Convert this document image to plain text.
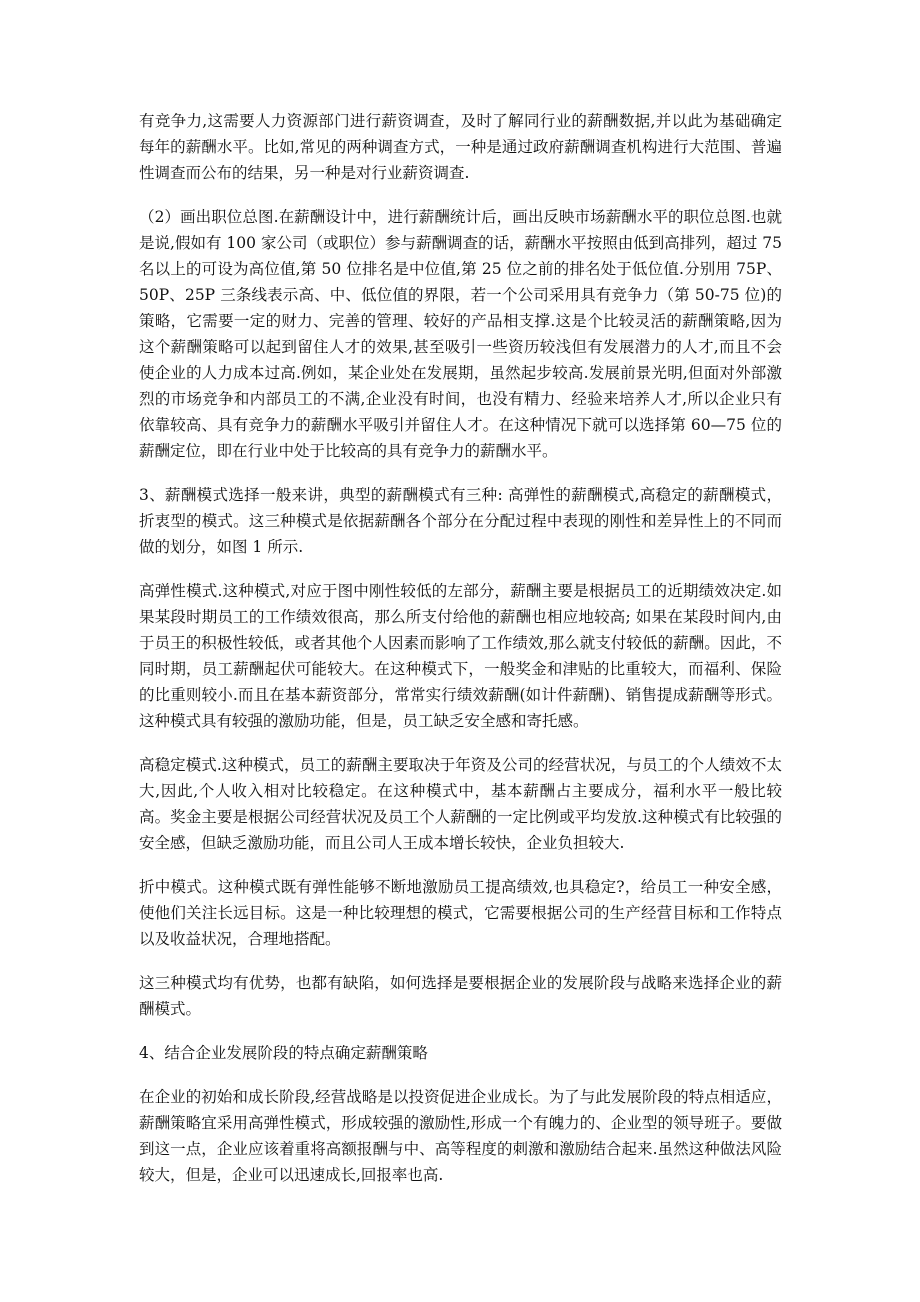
有竞争力,这需要人力资源部门进行薪资调查，及时了解同行业的薪酬数据,并以此为基础确定每年的薪酬水平。比如,常见的两种调查方式，一种是通过政府薪酬调查机构进行大范围、普遍性调查而公布的结果，另一种是对行业薪资调查.

（2）画出职位总图.在薪酬设计中，进行薪酬统计后，画出反映市场薪酬水平的职位总图.也就是说,假如有 100 家公司（或职位）参与薪酬调查的话，薪酬水平按照由低到高排列，超过 75 名以上的可设为高位值,第 50 位排名是中位值,第 25 位之前的排名处于低位值.分别用 75P、50P、25P 三条线表示高、中、低位值的界限，若一个公司采用具有竞争力（第 50-75 位)的策略，它需要一定的财力、完善的管理、较好的产品相支撑.这是个比较灵活的薪酬策略,因为这个薪酬策略可以起到留住人才的效果,甚至吸引一些资历较浅但有发展潜力的人才,而且不会使企业的人力成本过高.例如，某企业处在发展期，虽然起步较高.发展前景光明,但面对外部激烈的市场竞争和内部员工的不满,企业没有时间，也没有精力、经验来培养人才,所以企业只有依靠较高、具有竞争力的薪酬水平吸引并留住人才。在这种情况下就可以选择第 60—75 位的薪酬定位，即在行业中处于比较高的具有竞争力的薪酬水平。

3、薪酬模式选择一般来讲，典型的薪酬模式有三种: 高弹性的薪酬模式,高稳定的薪酬模式，折衷型的模式。这三种模式是依据薪酬各个部分在分配过程中表现的刚性和差异性上的不同而做的划分，如图 1 所示.

高弹性模式.这种模式,对应于图中刚性较低的左部分，薪酬主要是根据员工的近期绩效决定.如果某段时期员工的工作绩效很高，那么所支付给他的薪酬也相应地较高; 如果在某段时间内,由于员王的积极性较低，或者其他个人因素而影响了工作绩效,那么就支付较低的薪酬。因此，不同时期，员工薪酬起伏可能较大。在这种模式下，一般奖金和津贴的比重较大，而福利、保险的比重则较小.而且在基本薪资部分，常常实行绩效薪酬(如计件薪酬)、销售提成薪酬等形式。这种模式具有较强的激励功能，但是，员工缺乏安全感和寄托感。

高稳定模式.这种模式，员工的薪酬主要取决于年资及公司的经营状况，与员工的个人绩效不太大,因此,个人收入相对比较稳定。在这种模式中，基本薪酬占主要成分，福利水平一般比较高。奖金主要是根据公司经营状况及员工个人薪酬的一定比例或平均发放.这种模式有比较强的安全感，但缺乏激励功能，而且公司人王成本增长较快，企业负担较大.

折中模式。这种模式既有弹性能够不断地激励员工提高绩效,也具稳定?，给员工一种安全感，使他们关注长远目标。这是一种比较理想的模式，它需要根据公司的生产经营目标和工作特点以及收益状况，合理地搭配。

这三种模式均有优势，也都有缺陷，如何选择是要根据企业的发展阶段与战略来选择企业的薪酬模式。

4、结合企业发展阶段的特点确定薪酬策略

在企业的初始和成长阶段,经营战略是以投资促进企业成长。为了与此发展阶段的特点相适应，薪酬策略宜采用高弹性模式，形成较强的激励性,形成一个有魄力的、企业型的领导班子。要做到这一点，企业应该着重将高额报酬与中、高等程度的刺激和激励结合起来.虽然这种做法风险较大，但是，企业可以迅速成长,回报率也高.
